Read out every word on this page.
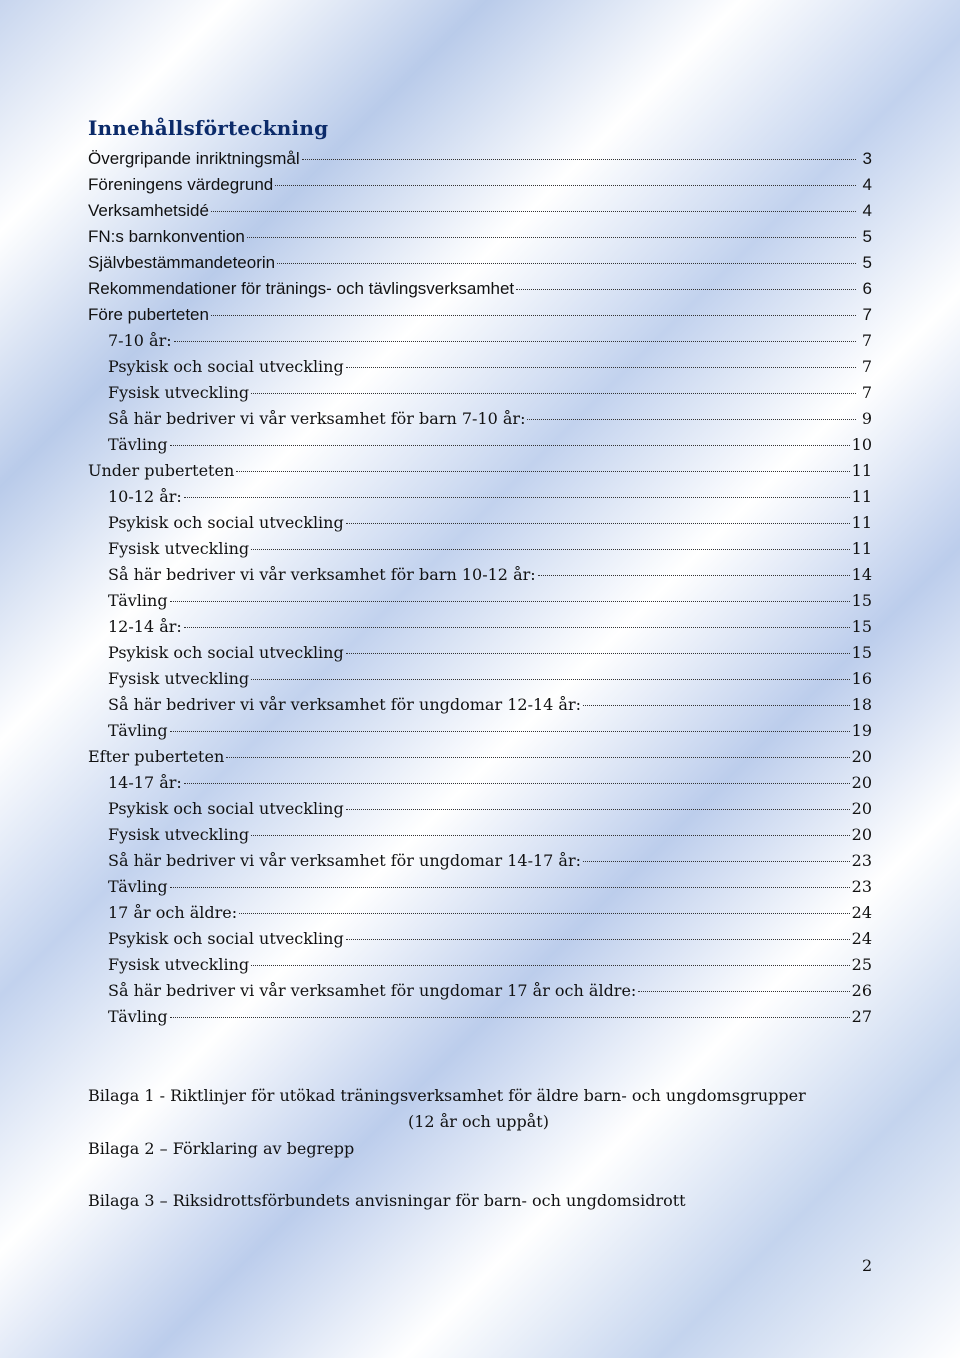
Innehållsförteckning
Övergripande inriktningsmål	3
Föreningens värdegrund	4
Verksamhetsidé	4
FN:s barnkonvention	5
Självbestämmandeteorin	5
Rekommendationer för tränings- och tävlingsverksamhet	6
Före puberteten	7
7-10 år:	7
Psykisk och social utveckling	7
Fysisk utveckling	7
Så här bedriver vi vår verksamhet för barn 7-10 år:	9
Tävling	10
Under puberteten	11
10-12 år:	11
Psykisk och social utveckling	11
Fysisk utveckling	11
Så här bedriver vi vår verksamhet för barn 10-12 år:	14
Tävling	15
12-14 år:	15
Psykisk och social utveckling	15
Fysisk utveckling	16
Så här bedriver vi vår verksamhet för ungdomar 12-14 år:	18
Tävling	19
Efter puberteten	20
14-17 år:	20
Psykisk och social utveckling	20
Fysisk utveckling	20
Så här bedriver vi vår verksamhet för ungdomar 14-17 år:	23
Tävling	23
17 år och äldre:	24
Psykisk och social utveckling	24
Fysisk utveckling	25
Så här bedriver vi vår verksamhet för ungdomar 17 år och äldre:	26
Tävling	27
Bilaga 1 - Riktlinjer för utökad träningsverksamhet för äldre barn- och ungdomsgrupper
(12 år och uppåt)
Bilaga 2 – Förklaring av begrepp
Bilaga 3 – Riksidrottsförbundets anvisningar för barn- och ungdomsidrott
2
